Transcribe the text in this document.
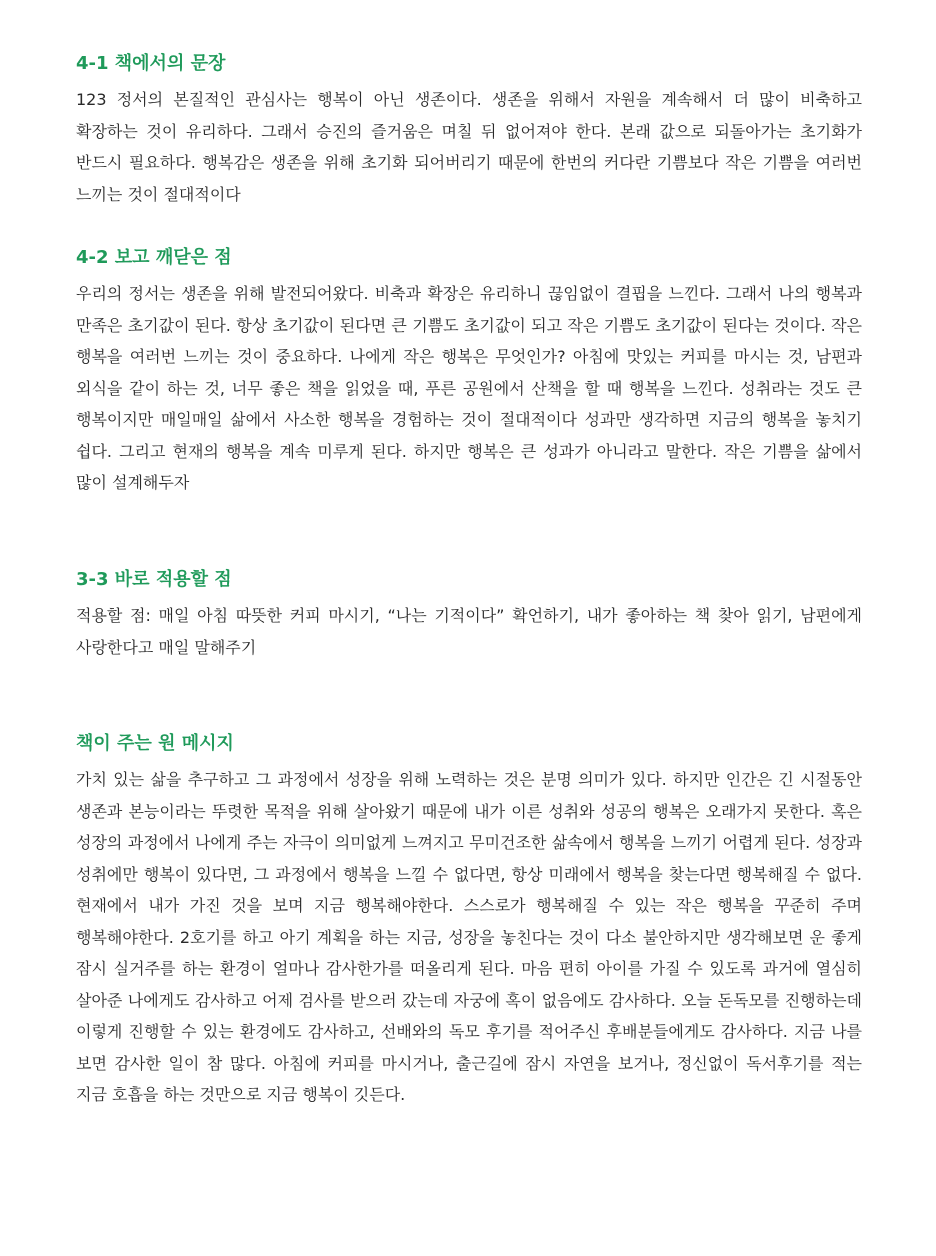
4-1 책에서의 문장

123 정서의 본질적인 관심사는 행복이 아닌 생존이다. 생존을 위해서 자원을 계속해서 더 많이 비축하고 확장하는 것이 유리하다. 그래서 승진의 즐거움은 며칠 뒤 없어져야 한다. 본래 값으로 되돌아가는 초기화가 반드시 필요하다. 행복감은 생존을 위해 초기화 되어버리기 때문에 한번의 커다란 기쁨보다 작은 기쁨을 여러번 느끼는 것이 절대적이다

4-2 보고 깨닫은 점

우리의 정서는 생존을 위해 발전되어왔다. 비축과 확장은 유리하니 끊임없이 결핍을 느낀다. 그래서 나의 행복과 만족은 초기값이 된다. 항상 초기값이 된다면 큰 기쁨도 초기값이 되고 작은 기쁨도 초기값이 된다는 것이다. 작은 행복을 여러번 느끼는 것이 중요하다. 나에게 작은 행복은 무엇인가? 아침에 맛있는 커피를 마시는 것, 남편과 외식을 같이 하는 것, 너무 좋은 책을 읽었을 때, 푸른 공원에서 산책을 할 때 행복을 느낀다. 성취라는 것도 큰 행복이지만 매일매일 삶에서 사소한 행복을 경험하는 것이 절대적이다 성과만 생각하면 지금의 행복을 놓치기 쉽다. 그리고 현재의 행복을 계속 미루게 된다. 하지만 행복은 큰 성과가 아니라고 말한다. 작은 기쁨을 삶에서 많이 설계해두자

3-3 바로 적용할 점

적용할 점: 매일 아침 따뜻한 커피 마시기, “나는 기적이다” 확언하기, 내가 좋아하는 책 찾아 읽기, 남편에게 사랑한다고 매일 말해주기

책이 주는 원 메시지

가치 있는 삶을 추구하고 그 과정에서 성장을 위해 노력하는 것은 분명 의미가 있다. 하지만 인간은 긴 시절동안 생존과 본능이라는 뚜렷한 목적을 위해 살아왔기 때문에 내가 이른 성취와 성공의 행복은 오래가지 못한다. 혹은 성장의 과정에서 나에게 주는 자극이 의미없게 느껴지고 무미건조한 삶속에서 행복을 느끼기 어렵게 된다. 성장과 성취에만 행복이 있다면, 그 과정에서 행복을 느낄 수 없다면, 항상 미래에서 행복을 찾는다면 행복해질 수 없다. 현재에서 내가 가진 것을 보며 지금 행복해야한다. 스스로가 행복해질 수 있는 작은 행복을 꾸준히 주며 행복해야한다. 2호기를 하고 아기 계획을 하는 지금, 성장을 놓친다는 것이 다소 불안하지만 생각해보면 운 좋게 잠시 실거주를 하는 환경이 얼마나 감사한가를 떠올리게 된다. 마음 편히 아이를 가질 수 있도록 과거에 열심히 살아준 나에게도 감사하고 어제 검사를 받으러 갔는데 자궁에 혹이 없음에도 감사하다. 오늘 돈독모를 진행하는데 이렇게 진행할 수 있는 환경에도 감사하고, 선배와의 독모 후기를 적어주신 후배분들에게도 감사하다. 지금 나를 보면 감사한 일이 참 많다. 아침에 커피를 마시거나, 출근길에 잠시 자연을 보거나, 정신없이 독서후기를 적는 지금 호흡을 하는 것만으로 지금 행복이 깃든다.
